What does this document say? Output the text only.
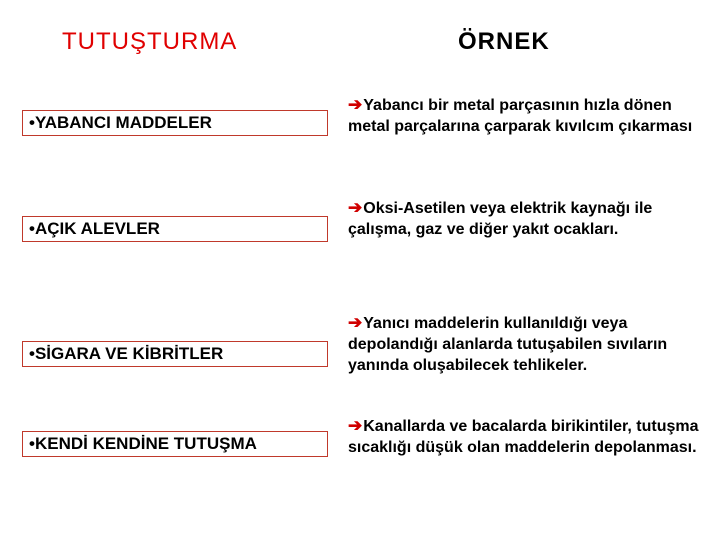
TUTUŞTURMA	ÖRNEK
•YABANCI MADDELER
➔Yabancı bir metal parçasının hızla dönen metal parçalarına çarparak kıvılcım çıkarması
•AÇIK ALEVLER
➔Oksi-Asetilen veya elektrik kaynağı ile çalışma, gaz ve diğer yakıt ocakları.
•SİGARA VE KİBRİTLER
➔Yanıcı maddelerin kullanıldığı veya depolandığı alanlarda tutuşabilen sıvıların yanında oluşabilecek tehlikeler.
•KENDİ KENDİNE TUTUŞMA
➔Kanallarda ve bacalarda birikintiler, tutuşma sıcaklığı düşük olan maddelerin depolanması.
